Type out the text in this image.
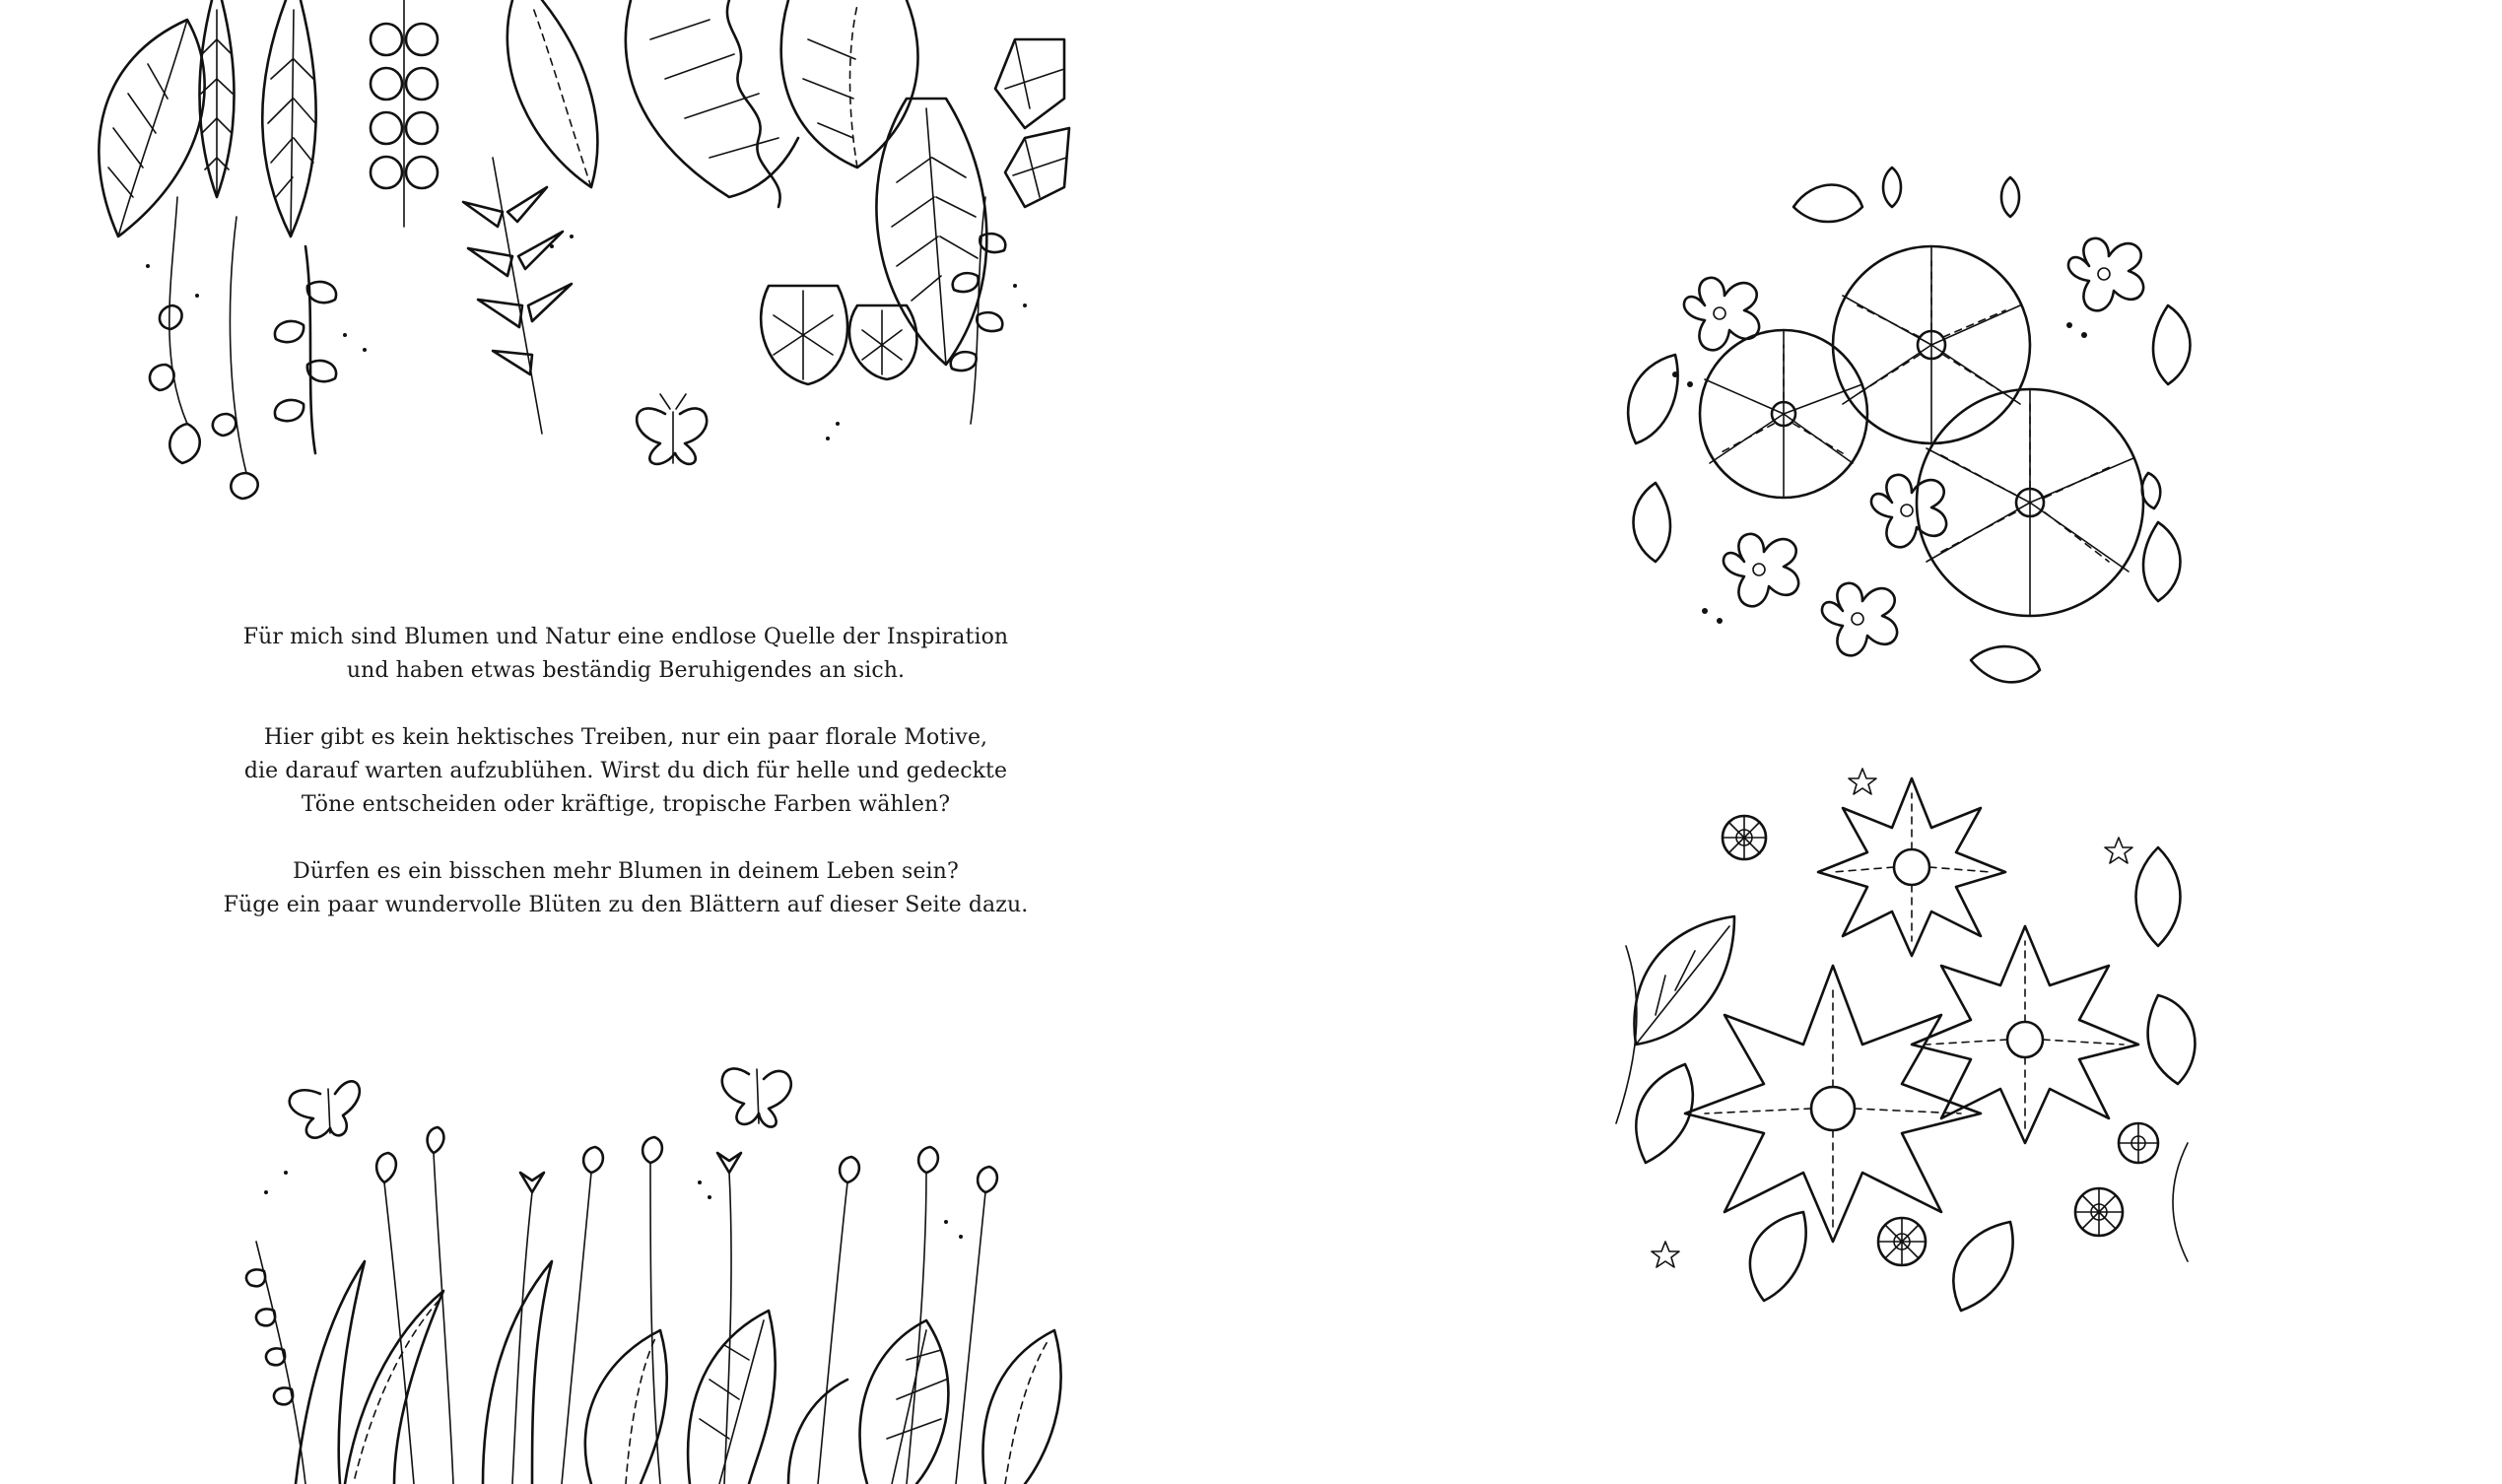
Für mich sind Blumen und Natur eine endlose Quelle der Inspiration
und haben etwas beständig Beruhigendes an sich.

Hier gibt es kein hektisches Treiben, nur ein paar florale Motive,
die darauf warten aufzublühen. Wirst du dich für helle und gedeckte
Töne entscheiden oder kräftige, tropische Farben wählen?

Dürfen es ein bisschen mehr Blumen in deinem Leben sein?
Füge ein paar wundervolle Blüten zu den Blättern auf dieser Seite dazu.
